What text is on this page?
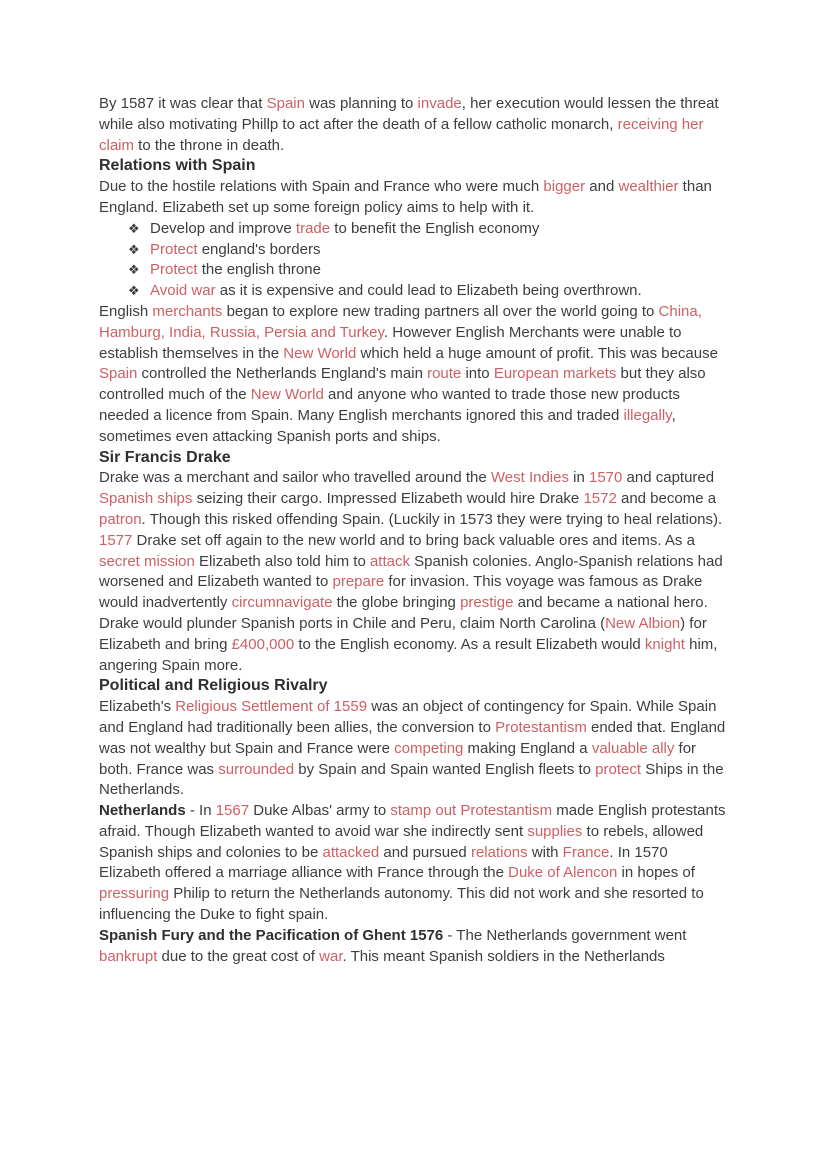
By 1587 it was clear that Spain was planning to invade, her execution would lessen the threat while also motivating Phillp to act after the death of a fellow catholic monarch, receiving her claim to the throne in death.

Relations with Spain

Due to the hostile relations with Spain and France who were much bigger and wealthier than England. Elizabeth set up some foreign policy aims to help with it.

❖ Develop and improve trade to benefit the English economy
❖ Protect england's borders
❖ Protect the english throne
❖ Avoid war as it is expensive and could lead to Elizabeth being overthrown.

English merchants began to explore new trading partners all over the world going to China, Hamburg, India, Russia, Persia and Turkey. However English Merchants were unable to establish themselves in the New World which held a huge amount of profit. This was because Spain controlled the Netherlands England's main route into European markets but they also controlled much of the New World and anyone who wanted to trade those new products needed a licence from Spain. Many English merchants ignored this and traded illegally, sometimes even attacking Spanish ports and ships.

Sir Francis Drake

Drake was a merchant and sailor who travelled around the West Indies in 1570 and captured Spanish ships seizing their cargo. Impressed Elizabeth would hire Drake 1572 and become a patron. Though this risked offending Spain. (Luckily in 1573 they were trying to heal relations). 1577 Drake set off again to the new world and to bring back valuable ores and items. As a secret mission Elizabeth also told him to attack Spanish colonies. Anglo-Spanish relations had worsened and Elizabeth wanted to prepare for invasion. This voyage was famous as Drake would inadvertently circumnavigate the globe bringing prestige and became a national hero. Drake would plunder Spanish ports in Chile and Peru, claim North Carolina (New Albion) for Elizabeth and bring £400,000 to the English economy. As a result Elizabeth would knight him, angering Spain more.

Political and Religious Rivalry

Elizabeth's Religious Settlement of 1559 was an object of contingency for Spain. While Spain and England had traditionally been allies, the conversion to Protestantism ended that. England was not wealthy but Spain and France were competing making England a valuable ally for both. France was surrounded by Spain and Spain wanted English fleets to protect Ships in the Netherlands.

Netherlands - In 1567 Duke Albas' army to stamp out Protestantism made English protestants afraid. Though Elizabeth wanted to avoid war she indirectly sent supplies to rebels, allowed Spanish ships and colonies to be attacked and pursued relations with France. In 1570 Elizabeth offered a marriage alliance with France through the Duke of Alencon in hopes of pressuring Philip to return the Netherlands autonomy. This did not work and she resorted to influencing the Duke to fight spain.

Spanish Fury and the Pacification of Ghent 1576 - The Netherlands government went bankrupt due to the great cost of war. This meant Spanish soldiers in the Netherlands
